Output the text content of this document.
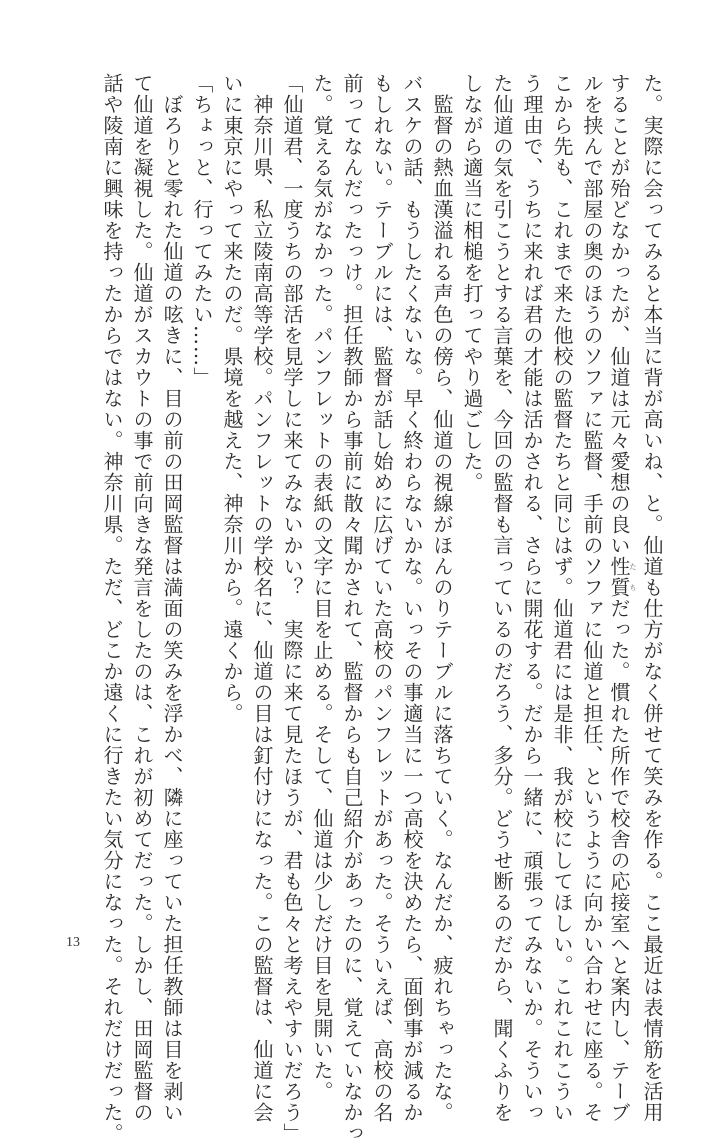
た。実際に会ってみると本当に背が高いね、と。仙道も仕方がなく併せて笑みを作る。ここ最近は表情筋を活用
することが殆どなかったが、仙道は元々愛想の良い性質たちだった。慣れた所作で校舎の応接室へと案内し、テーブ
ルを挟んで部屋の奥のほうのソファに監督、手前のソファに仙道と担任、というように向かい合わせに座る。そ
こから先も、これまで来た他校の監督たちと同じはず。仙道君には是非、我が校にしてほしい。これこれこうい
う理由で、うちに来れば君の才能は活かされる、さらに開花する。だから一緒に、頑張ってみないか。そういっ
た仙道の気を引こうとする言葉を、今回の監督も言っているのだろう、多分。どうせ断るのだから、聞くふりを
しながら適当に相槌を打ってやり過ごした。
　監督の熱血漢溢れる声色の傍ら、仙道の視線がほんのりテーブルに落ちていく。なんだか、疲れちゃったな。
バスケの話、もうしたくないな。早く終わらないかな。いっその事適当に一つ高校を決めたら、面倒事が減るか
もしれない。テーブルには、監督が話し始めに広げていた高校のパンフレットがあった。そういえば、高校の名
前ってなんだったっけ。担任教師から事前に散々聞かされて、監督からも自己紹介があったのに、覚えていなかっ
た。覚える気がなかった。パンフレットの表紙の文字に目を止める。そして、仙道は少しだけ目を見開いた。
「仙道君、一度うちの部活を見学しに来てみないかい？　実際に来て見たほうが、君も色々と考えやすいだろう」
　神奈川県、私立陵南高等学校。パンフレットの学校名に、仙道の目は釘付けになった。この監督は、仙道に会
いに東京にやって来たのだ。県境を越えた、神奈川から。遠くから。
「ちょっと、行ってみたい……」
　ぼろりと零れた仙道の呟きに、目の前の田岡監督は満面の笑みを浮かべ、隣に座っていた担任教師は目を剥い
て仙道を凝視した。仙道がスカウトの事で前向きな発言をしたのは、これが初めてだった。しかし、田岡監督の
話や陵南に興味を持ったからではない。神奈川県。ただ、どこか遠くに行きたい気分になった。それだけだった。
13
